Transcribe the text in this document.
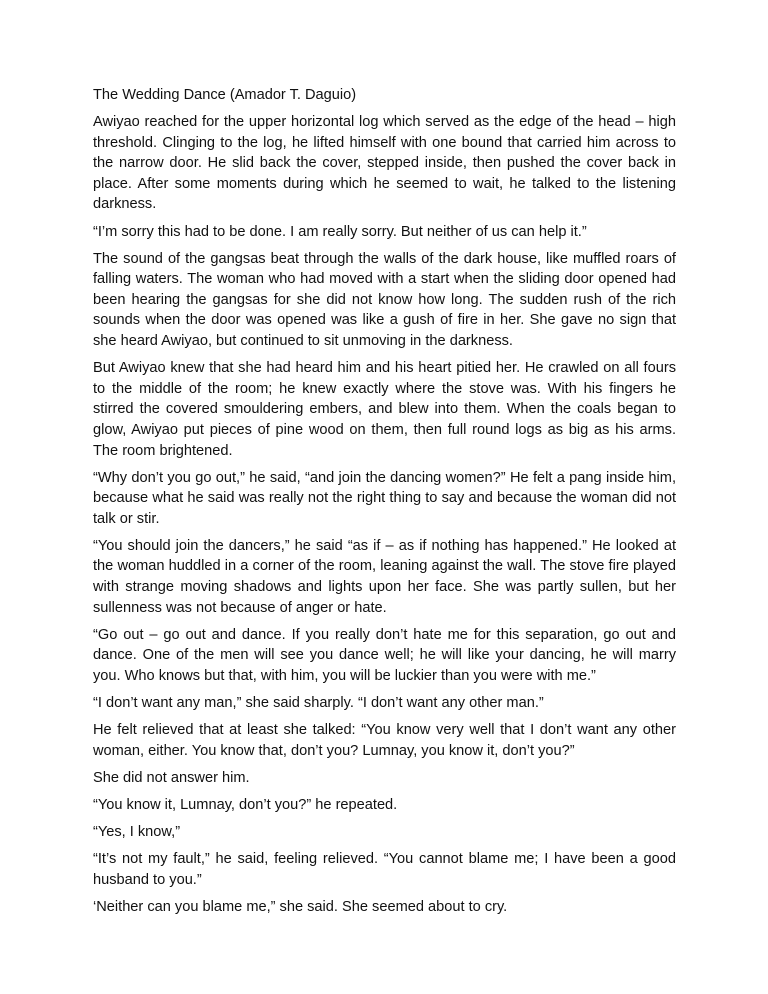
The Wedding Dance (Amador T. Daguio)

Awiyao reached for the upper horizontal log which served as the edge of the head – high threshold. Clinging to the log, he lifted himself with one bound that carried him across to the narrow door. He slid back the cover, stepped inside, then pushed the cover back in place. After some moments during which he seemed to wait, he talked to the listening darkness.

“I’m sorry this had to be done. I am really sorry. But neither of us can help it.”

The sound of the gangsas beat through the walls of the dark house, like muffled roars of falling waters. The woman who had moved with a start when the sliding door opened had been hearing the gangsas for she did not know how long. The sudden rush of the rich sounds when the door was opened was like a gush of fire in her. She gave no sign that she heard Awiyao, but continued to sit unmoving in the darkness.

But Awiyao knew that she had heard him and his heart pitied her. He crawled on all fours to the middle of the room; he knew exactly where the stove was. With his fingers he stirred the covered smouldering embers, and blew into them. When the coals began to glow, Awiyao put pieces of pine wood on them, then full round logs as big as his arms. The room brightened.

“Why don’t you go out,” he said, “and join the dancing women?” He felt a pang inside him, because what he said was really not the right thing to say and because the woman did not talk or stir.

“You should join the dancers,” he said “as if – as if nothing has happened.” He looked at the woman huddled in a corner of the room, leaning against the wall. The stove fire played with strange moving shadows and lights upon her face. She was partly sullen, but her sullenness was not because of anger or hate.

“Go out – go out and dance. If you really don’t hate me for this separation, go out and dance. One of the men will see you dance well; he will like your dancing, he will marry you. Who knows but that, with him, you will be luckier than you were with me.”

“I don’t want any man,” she said sharply. “I don’t want any other man.”

He felt relieved that at least she talked: “You know very well that I don’t want any other woman, either. You know that, don’t you? Lumnay, you know it, don’t you?”

She did not answer him.

“You know it, Lumnay, don’t you?” he repeated.

“Yes, I know,”

“It’s not my fault,” he said, feeling relieved. “You cannot blame me; I have been a good husband to you.”

‘Neither can you blame me,” she said. She seemed about to cry.
